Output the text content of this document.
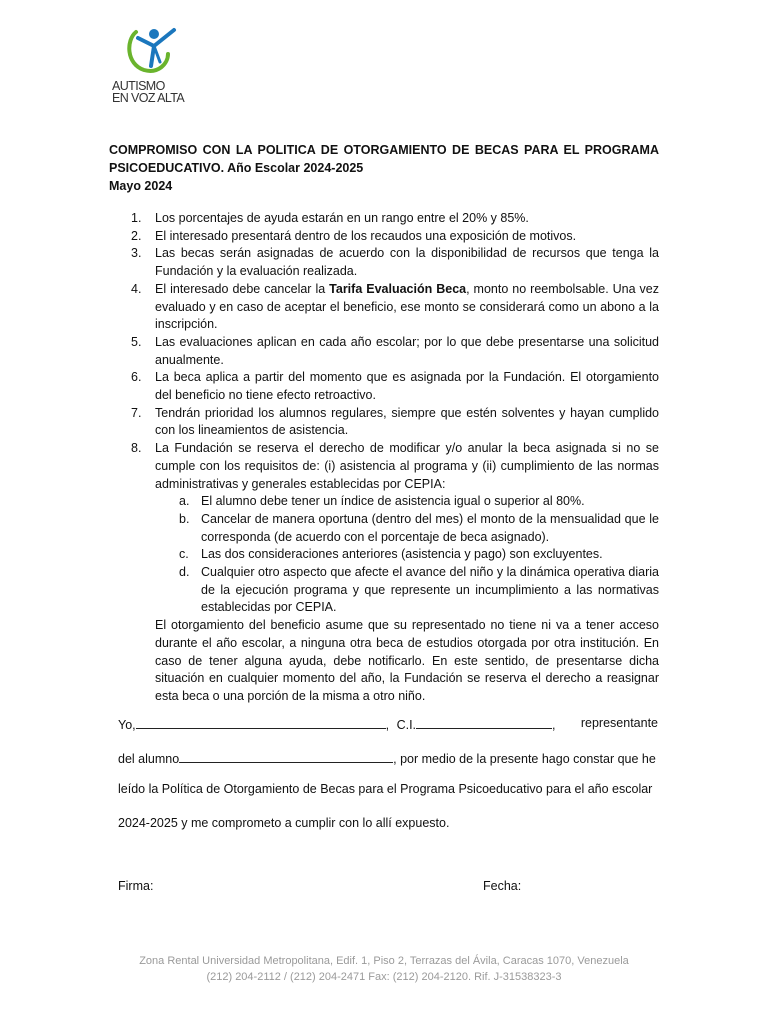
AUTISMO
EN VOZ ALTA
COMPROMISO CON LA POLITICA DE OTORGAMIENTO DE BECAS PARA EL PROGRAMA
PSICOEDUCATIVO. Año Escolar 2024-2025
Mayo 2024
1. Los porcentajes de ayuda estarán en un rango entre el 20% y 85%.
2. El interesado presentará dentro de los recaudos una exposición de motivos.
3. Las becas serán asignadas de acuerdo con la disponibilidad de recursos que tenga la Fundación y la evaluación realizada.
4. El interesado debe cancelar la Tarifa Evaluación Beca, monto no reembolsable. Una vez evaluado y en caso de aceptar el beneficio, ese monto se considerará como un abono a la inscripción.
5. Las evaluaciones aplican en cada año escolar; por lo que debe presentarse una solicitud anualmente.
6. La beca aplica a partir del momento que es asignada por la Fundación. El otorgamiento del beneficio no tiene efecto retroactivo.
7. Tendrán prioridad los alumnos regulares, siempre que estén solventes y hayan cumplido con los lineamientos de asistencia.
8. La Fundación se reserva el derecho de modificar y/o anular la beca asignada si no se cumple con los requisitos de: (i) asistencia al programa y (ii) cumplimiento de las normas administrativas y generales establecidas por CEPIA:
a. El alumno debe tener un índice de asistencia igual o superior al 80%.
b. Cancelar de manera oportuna (dentro del mes) el monto de la mensualidad que le corresponda (de acuerdo con el porcentaje de beca asignado).
c. Las dos consideraciones anteriores (asistencia y pago) son excluyentes.
d. Cualquier otro aspecto que afecte el avance del niño y la dinámica operativa diaria de la ejecución programa y que represente un incumplimiento a las normativas establecidas por CEPIA.
El otorgamiento del beneficio asume que su representado no tiene ni va a tener acceso durante el año escolar, a ninguna otra beca de estudios otorgada por otra institución. En caso de tener alguna ayuda, debe notificarlo. En este sentido, de presentarse dicha situación en cualquier momento del año, la Fundación se reserva el derecho a reasignar esta beca o una porción de la misma a otro niño.
Yo,	, C.I.	, representante
del alumno	, por medio de la presente hago constar que he
leído la Política de Otorgamiento de Becas para el Programa Psicoeducativo para el año escolar
2024-2025 y me comprometo a cumplir con lo allí expuesto.
Firma:	Fecha:
Zona Rental Universidad Metropolitana, Edif. 1, Piso 2, Terrazas del Ávila, Caracas 1070, Venezuela
(212) 204-2112 / (212) 204-2471 Fax: (212) 204-2120. Rif. J-31538323-3
